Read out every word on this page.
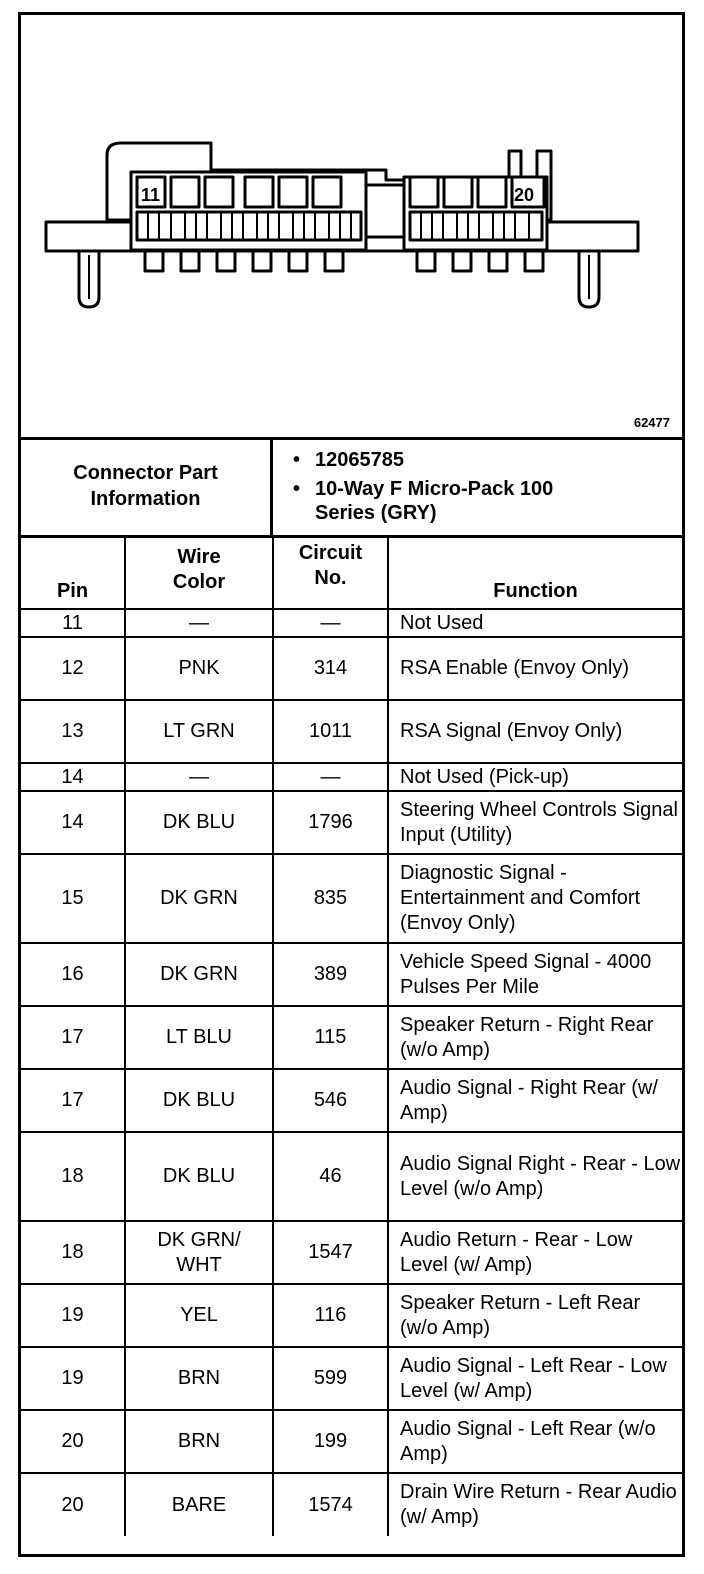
11	20
62477
Connector Part Information
• 12065785
• 10-Way F Micro-Pack 100 Series (GRY)
Pin	Wire Color	Circuit No.	Function
11	—	—	Not Used
12	PNK	314	RSA Enable (Envoy Only)
13	LT GRN	1011	RSA Signal (Envoy Only)
14	—	—	Not Used (Pick-up)
14	DK BLU	1796	Steering Wheel Controls Signal Input (Utility)
15	DK GRN	835	Diagnostic Signal - Entertainment and Comfort (Envoy Only)
16	DK GRN	389	Vehicle Speed Signal - 4000 Pulses Per Mile
17	LT BLU	115	Speaker Return - Right Rear (w/o Amp)
17	DK BLU	546	Audio Signal - Right Rear (w/ Amp)
18	DK BLU	46	Audio Signal Right - Rear - Low Level (w/o Amp)
18	DK GRN/ WHT	1547	Audio Return - Rear - Low Level (w/ Amp)
19	YEL	116	Speaker Return - Left Rear (w/o Amp)
19	BRN	599	Audio Signal - Left Rear - Low Level (w/ Amp)
20	BRN	199	Audio Signal - Left Rear (w/o Amp)
20	BARE	1574	Drain Wire Return - Rear Audio (w/ Amp)
